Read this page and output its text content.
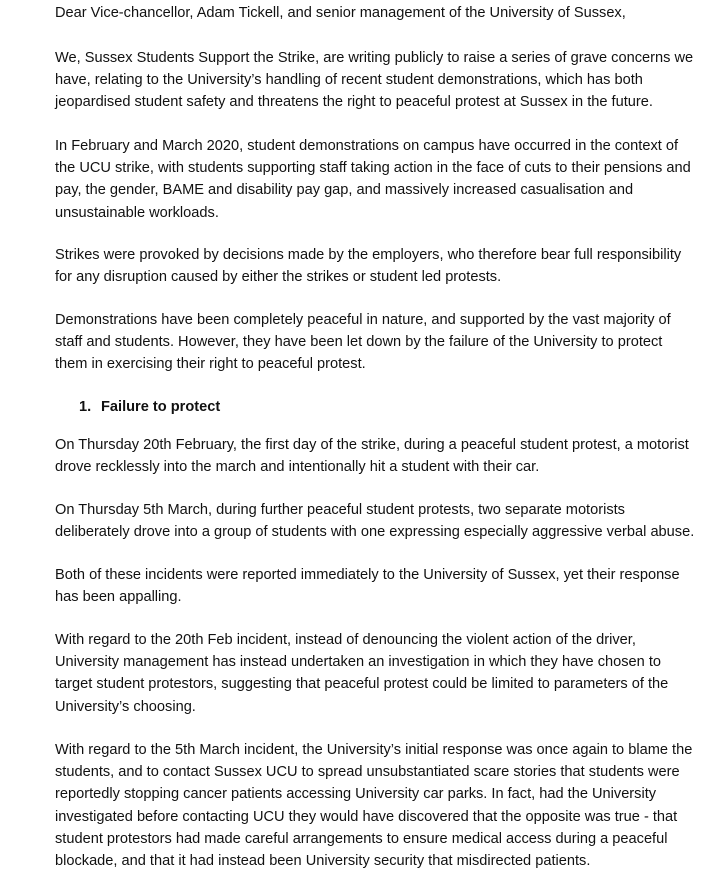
Dear Vice-chancellor, Adam Tickell, and senior management of the University of Sussex,

We, Sussex Students Support the Strike, are writing publicly to raise a series of grave concerns we
have, relating to the University’s handling of recent student demonstrations, which has both
jeopardised student safety and threatens the right to peaceful protest at Sussex in the future.

In February and March 2020, student demonstrations on campus have occurred in the context of
the UCU strike, with students supporting staff taking action in the face of cuts to their pensions and
pay, the gender, BAME and disability pay gap, and massively increased casualisation and
unsustainable workloads.

Strikes were provoked by decisions made by the employers, who therefore bear full responsibility
for any disruption caused by either the strikes or student led protests.

Demonstrations have been completely peaceful in nature, and supported by the vast majority of
staff and students. However, they have been let down by the failure of the University to protect
them in exercising their right to peaceful protest.

1. Failure to protect

On Thursday 20th February, the first day of the strike, during a peaceful student protest, a motorist
drove recklessly into the march and intentionally hit a student with their car.

On Thursday 5th March, during further peaceful student protests, two separate motorists
deliberately drove into a group of students with one expressing especially aggressive verbal abuse.

Both of these incidents were reported immediately to the University of Sussex, yet their response
has been appalling.

With regard to the 20th Feb incident, instead of denouncing the violent action of the driver,
University management has instead undertaken an investigation in which they have chosen to
target student protestors, suggesting that peaceful protest could be limited to parameters of the
University’s choosing.

With regard to the 5th March incident, the University’s initial response was once again to blame the
students, and to contact Sussex UCU to spread unsubstantiated scare stories that students were
reportedly stopping cancer patients accessing University car parks. In fact, had the University
investigated before contacting UCU they would have discovered that the opposite was true - that
student protestors had made careful arrangements to ensure medical access during a peaceful
blockade, and that it had instead been University security that misdirected patients.
